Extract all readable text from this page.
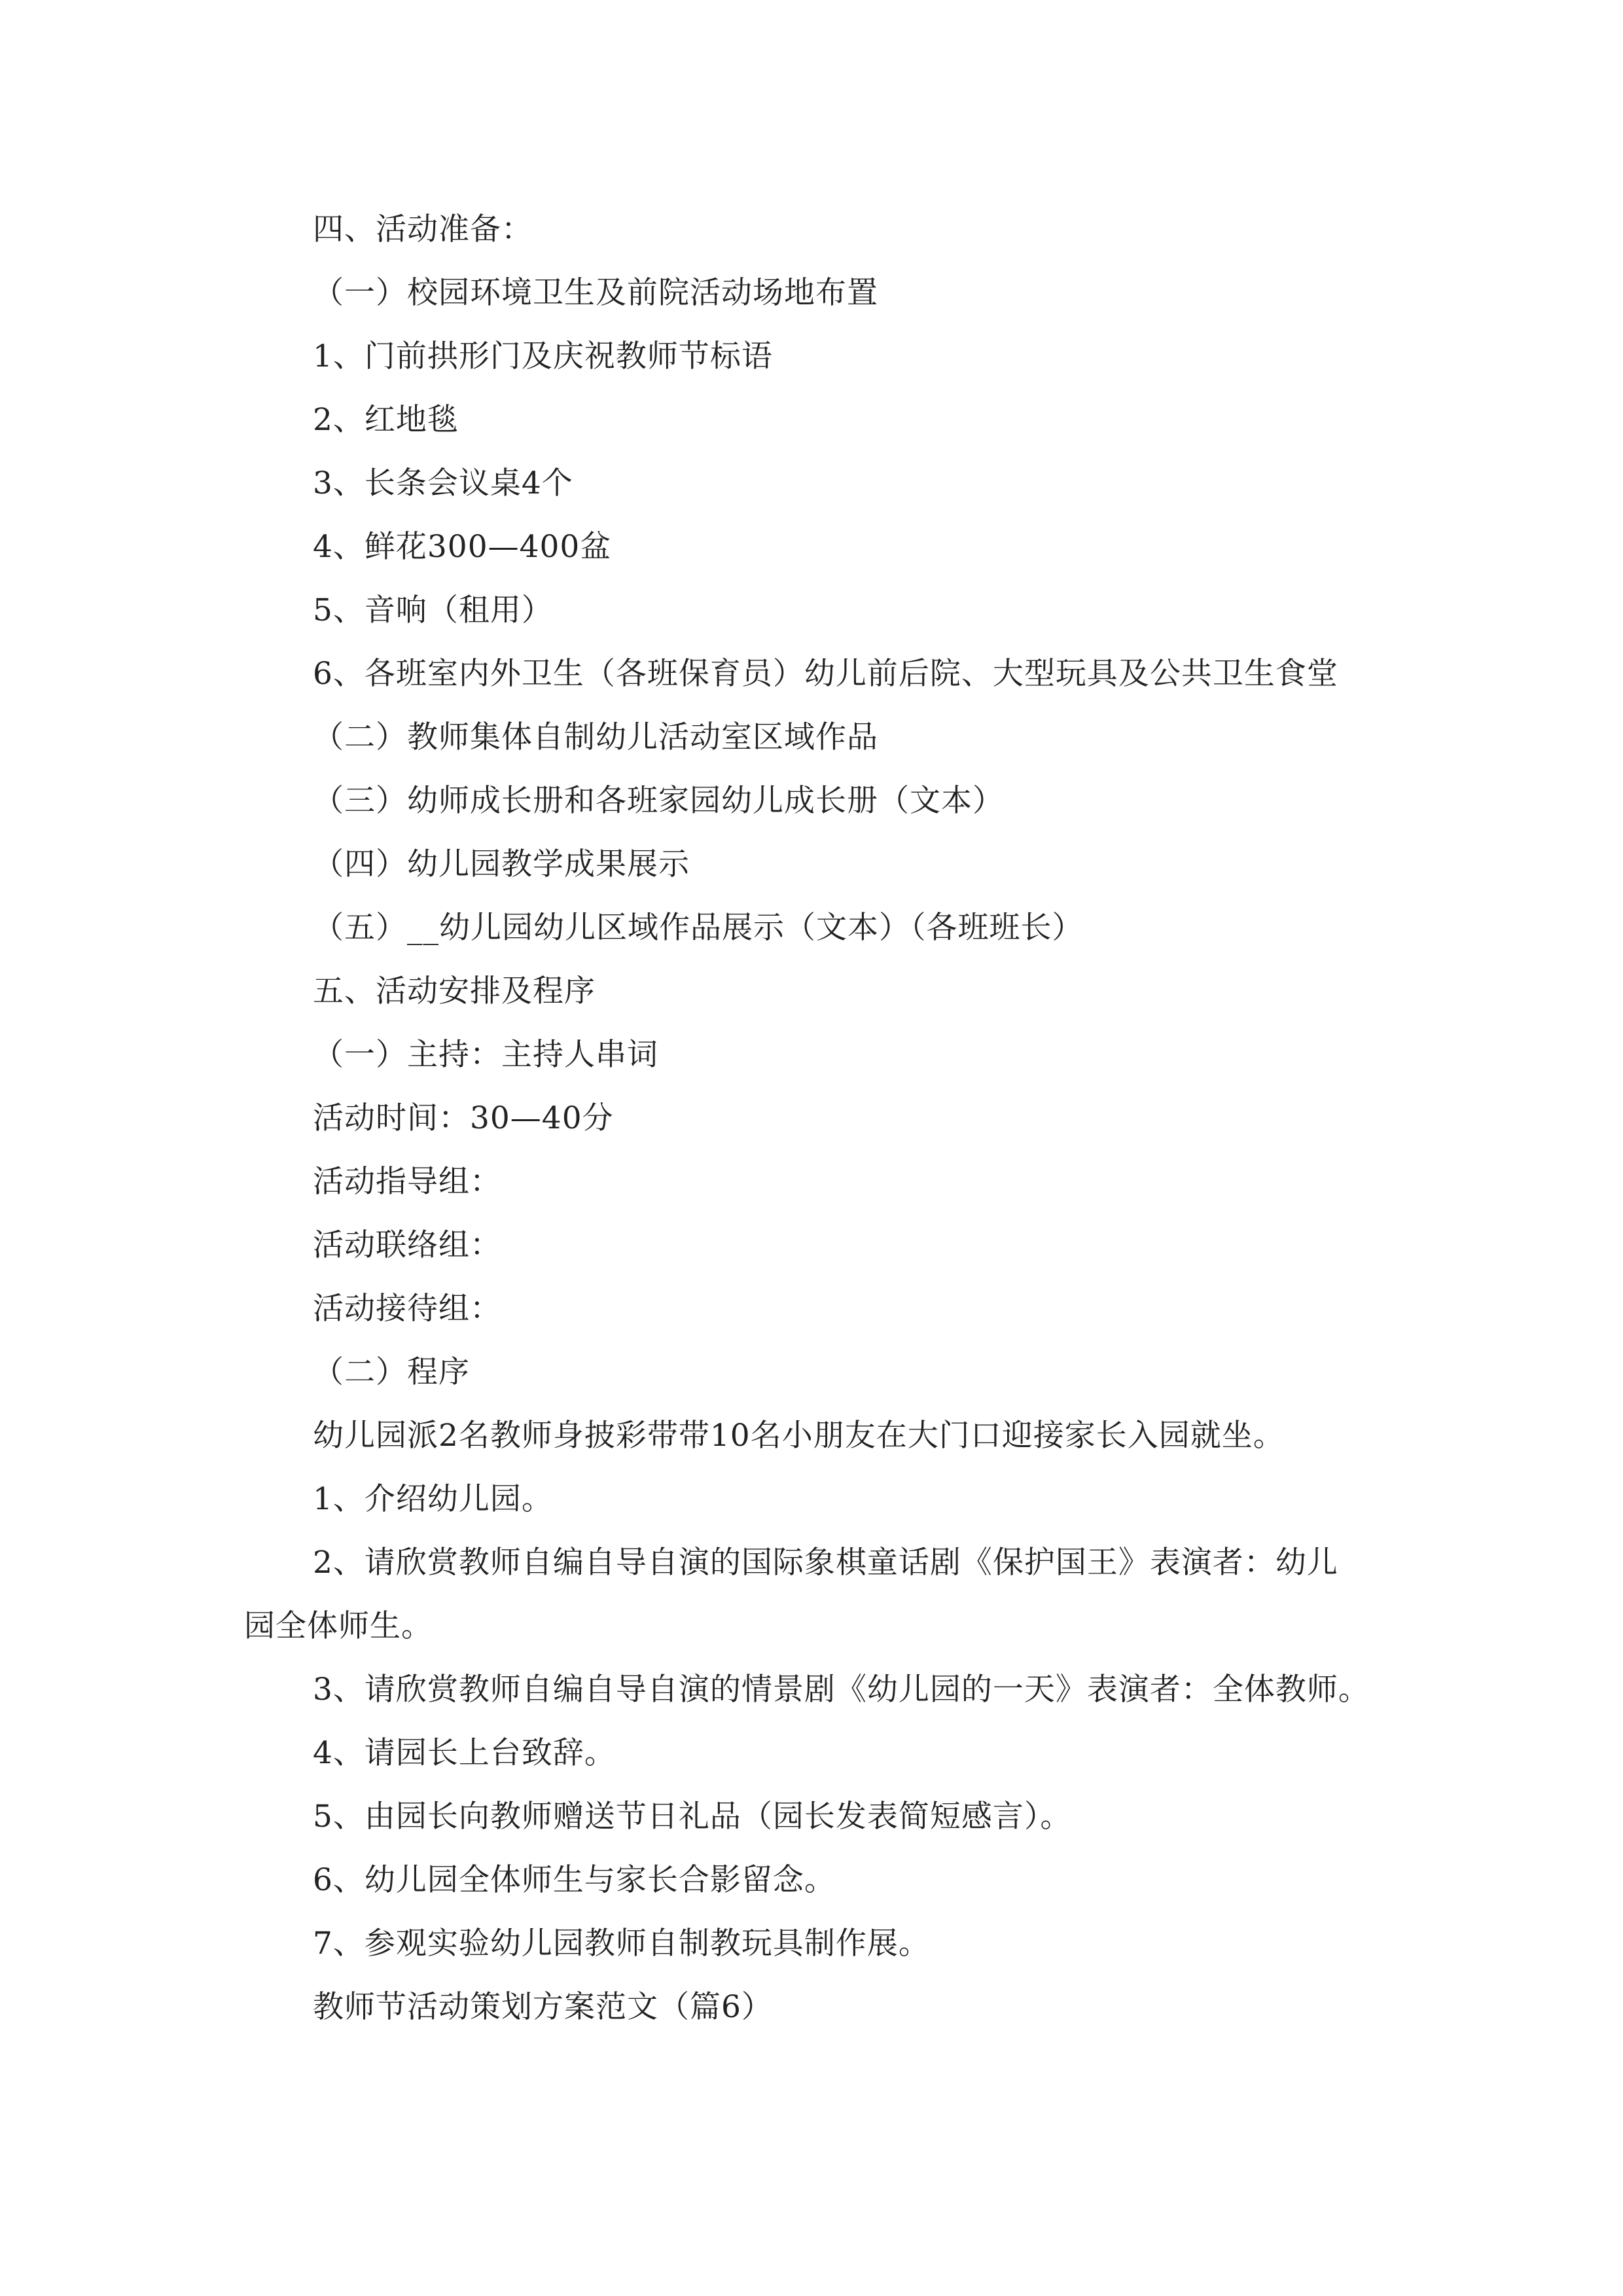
四、活动准备：
（一）校园环境卫生及前院活动场地布置
1、门前拱形门及庆祝教师节标语
2、红地毯
3、长条会议桌4个
4、鲜花300—400盆
5、音响（租用）
6、各班室内外卫生（各班保育员）幼儿前后院、大型玩具及公共卫生食堂
（二）教师集体自制幼儿活动室区域作品
（三）幼师成长册和各班家园幼儿成长册（文本）
（四）幼儿园教学成果展示
（五）__幼儿园幼儿区域作品展示（文本）（各班班长）
五、活动安排及程序
（一）主持：主持人串词
活动时间：30—40分
活动指导组：
活动联络组：
活动接待组：
（二）程序
幼儿园派2名教师身披彩带带10名小朋友在大门口迎接家长入园就坐。
1、介绍幼儿园。
2、请欣赏教师自编自导自演的国际象棋童话剧《保护国王》表演者：幼儿
园全体师生。
3、请欣赏教师自编自导自演的情景剧《幼儿园的一天》表演者：全体教师。
4、请园长上台致辞。
5、由园长向教师赠送节日礼品（园长发表简短感言）。
6、幼儿园全体师生与家长合影留念。
7、参观实验幼儿园教师自制教玩具制作展。
教师节活动策划方案范文（篇6）
